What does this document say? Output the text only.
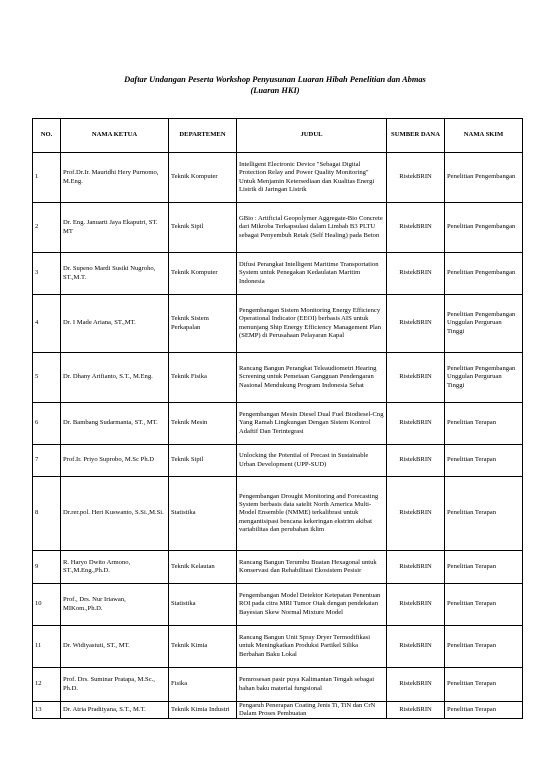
Daftar Undangan Peserta Workshop Penyusunan Luaran Hibah Penelitian dan Abmas
(Luaran HKI)
NO.	NAMA KETUA	DEPARTEMEN	JUDUL	SUMBER DANA	NAMA SKIM
1	Prof.Dr.Ir. Mauridhi Hery Purnomo, M.Eng.	Teknik Komputer	Intelligent Electronic Device "Sebagai Digital Protection Relay and Power Quality Monitoring" Untuk Menjamin Ketersediaan dan Kualitas Energi Listrik di Jaringan Listrik	RistekBRIN	Penelitian Pengembangan
2	Dr. Eng. Januarti Jaya Ekaputri, ST. MT	Teknik Sipil	GBio : Artificial Geopolymer Aggregate-Bio Concrete dari Mikroba Terkapsulasi dalam Limbah B3 PLTU sebagai Penyembuh Retak (Self Healing) pada Beton	RistekBRIN	Penelitian Pengembangan
3	Dr. Supeno Mardi Susiki Nugroho, ST.,M.T.	Teknik Komputer	Difusi Perangkat Intelligent Maritime Transportation System untuk Penegakan Kedaulatan Maritim Indonesia	RistekBRIN	Penelitian Pengembangan
4	Dr. I Made Ariana, ST.,MT.	Teknik Sistem Perkapalan	Pengembangan Sistem Monitoring Energy Efficiency Operational Indicator (EEOI) berbasis AIS untuk menunjang Ship Energy Efficiency Management Plan (SEMP) di Perusahaan Pelayaran Kapal	RistekBRIN	Penelitian Pengembangan Unggulan Perguruan Tinggi
5	Dr. Dhany Arifianto, S.T., M.Eng.	Teknik Fisika	Rancang Bangun Perangkat Teleaudiometri Hearing Screening untuk Pemetaan Gangguan Pendengaran Nasional Mendukung Program Indonesia Sehat	RistekBRIN	Penelitian Pengembangan Unggulan Perguruan Tinggi
6	Dr. Bambang Sudarmanta, ST., MT.	Teknik Mesin	Pengembangan Mesin Diesel Dual Fuel Biodiesel-Cng Yang Ramah Lingkungan Dengan Sistem Kontrol Adaftif Dan Terintegrasi	RistekBRIN	Penelitian Terapan
7	Prof.Ir. Priyo Suprobo, M.Sc Ph.D	Teknik Sipil	Unlocking the Potential of Precast in Sustainable Urban Development (UPP-SUD)	RistekBRIN	Penelitian Terapan
8	Dr.rer.pol. Heri Kuswanto, S.Si.,M.Si.	Statistika	Pengembangan Drought Monitoring and Forecasting System berbasis data satelit North America Multi-Model Ensemble (NMME) terkalibrasi untuk mengantisipasi bencana kekeringan ekstrim akibat variabilitas dan perubahan iklim	RistekBRIN	Penelitian Terapan
9	R. Haryo Dwito Armono, ST.,M.Eng.,Ph.D.	Teknik Kelautan	Rancang Bangun Terumbu Buatan Hexagonal untuk Konservasi dan Rehabilitasi Ekosistem Pesisir	RistekBRIN	Penelitian Terapan
10	Prof., Drs. Nur Iriawan, MIKom.,Ph.D.	Statistika	Pengembangan Model Detektor Ketepatan Penentuan ROI pada citra MRI Tumor Otak dengan pendekatan Bayesian Skew Normal Mixture Model	RistekBRIN	Penelitian Terapan
11	Dr. Widiyastuti, ST., MT.	Teknik Kimia	Rancang Bangun Unit Spray Dryer Termodifikasi untuk Meningkatkan Produksi Partikel Silika Berbahan Baku Lokal	RistekBRIN	Penelitian Terapan
12	Prof. Drs. Suminar Pratapa, M.Sc., Ph.D.	Fisika	Pemrosesan pasir puya Kalimantan Tengah sebagai bahan baku material fungsional	RistekBRIN	Penelitian Terapan
13	Dr. Atria Pradityana, S.T., M.T.	Teknik Kimia Industri	Pengaruh Penerapan Coating Jenis Ti, TiN dan CrN Dalam Proses Pembuatan	RistekBRIN	Penelitian Terapan
